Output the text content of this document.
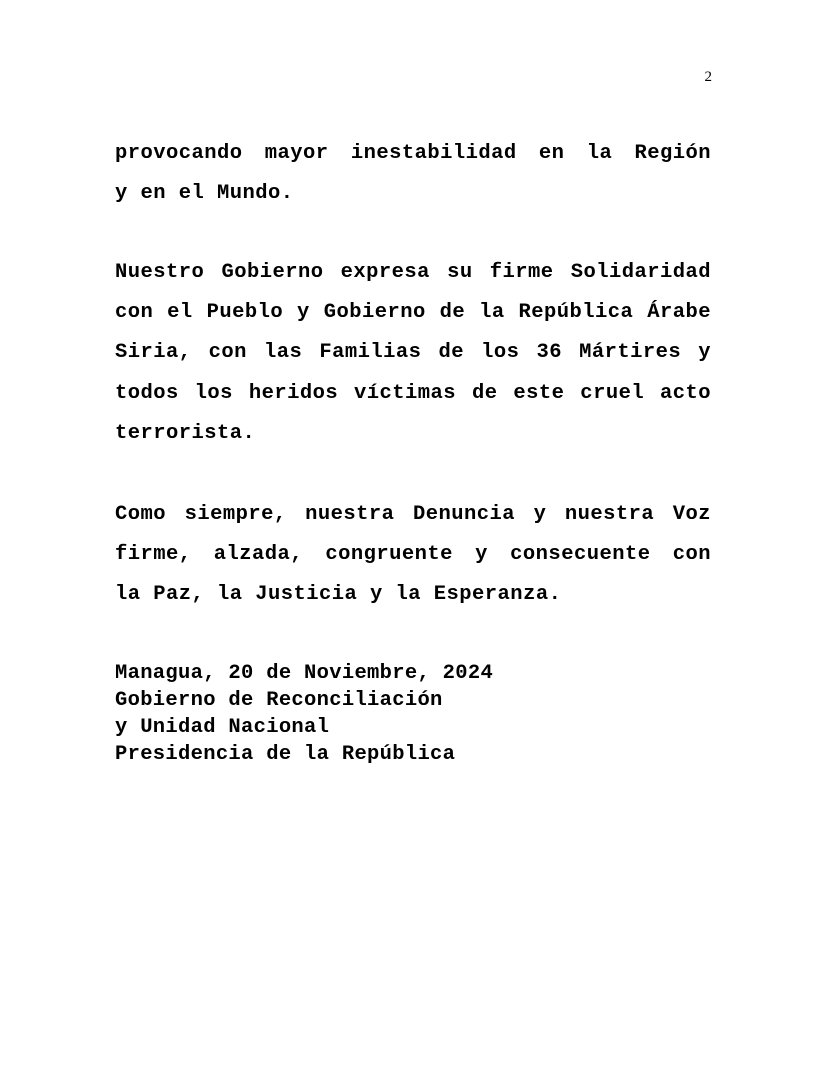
2

provocando mayor inestabilidad en la Región
y en el Mundo.

Nuestro Gobierno expresa su firme Solidaridad
con el Pueblo y Gobierno de la República Árabe
Siria, con las Familias de los 36 Mártires y
todos los heridos víctimas de este cruel acto
terrorista.

Como siempre, nuestra Denuncia y nuestra Voz
firme, alzada, congruente y consecuente con
la Paz, la Justicia y la Esperanza.

Managua, 20 de Noviembre, 2024
Gobierno de Reconciliación
y Unidad Nacional
Presidencia de la República
